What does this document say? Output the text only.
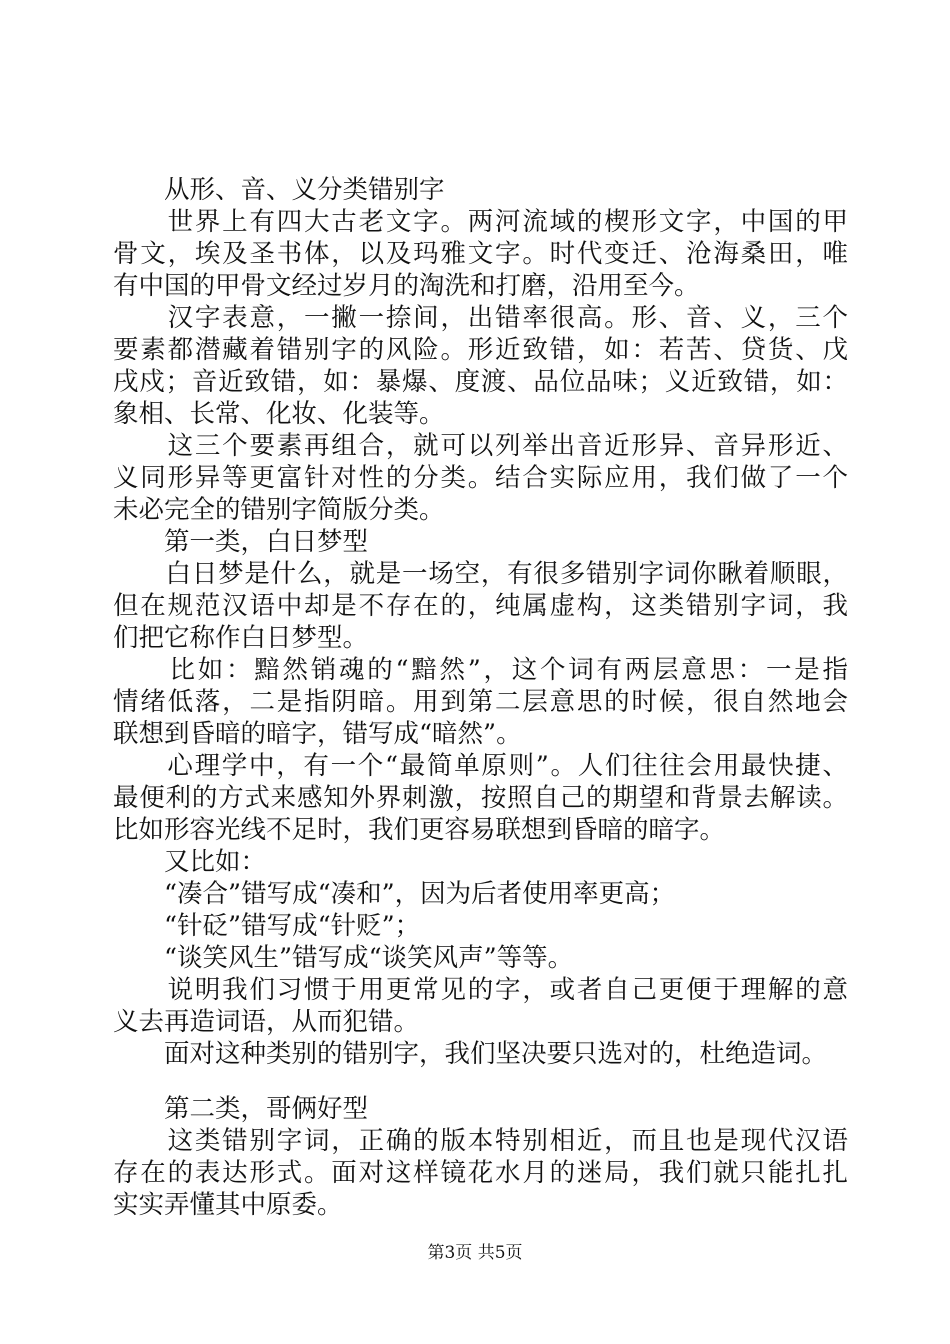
　　从形、音、义分类错别字
　　世界上有四大古老文字。两河流域的楔形文字，中国的甲
骨文，埃及圣书体，以及玛雅文字。时代变迁、沧海桑田，唯
有中国的甲骨文经过岁月的淘洗和打磨，沿用至今。
　　汉字表意，一撇一捺间，出错率很高。形、音、义，三个
要素都潜藏着错别字的风险。形近致错，如：若苦、贷货、戊
戌戍；音近致错，如：暴爆、度渡、品位品味；义近致错，如：
象相、长常、化妆、化装等。
　　这三个要素再组合，就可以列举出音近形异、音异形近、
义同形异等更富针对性的分类。结合实际应用，我们做了一个
未必完全的错别字简版分类。
　　第一类，白日梦型
　　白日梦是什么，就是一场空，有很多错别字词你瞅着顺眼，
但在规范汉语中却是不存在的，纯属虚构，这类错别字词，我
们把它称作白日梦型。
　　比如：黯然销魂的“黯然”，这个词有两层意思：一是指
情绪低落，二是指阴暗。用到第二层意思的时候，很自然地会
联想到昏暗的暗字，错写成“暗然”。
　　心理学中，有一个“最简单原则”。人们往往会用最快捷、
最便利的方式来感知外界刺激，按照自己的期望和背景去解读。
比如形容光线不足时，我们更容易联想到昏暗的暗字。
　　又比如：
　　“凑合”错写成“凑和”，因为后者使用率更高；
　　“针砭”错写成“针贬”；
　　“谈笑风生”错写成“谈笑风声”等等。
　　说明我们习惯于用更常见的字，或者自己更便于理解的意
义去再造词语，从而犯错。
　　面对这种类别的错别字，我们坚决要只选对的，杜绝造词。
　　第二类，哥俩好型
　　这类错别字词，正确的版本特别相近，而且也是现代汉语
存在的表达形式。面对这样镜花水月的迷局，我们就只能扎扎
实实弄懂其中原委。
第3页 共5页
